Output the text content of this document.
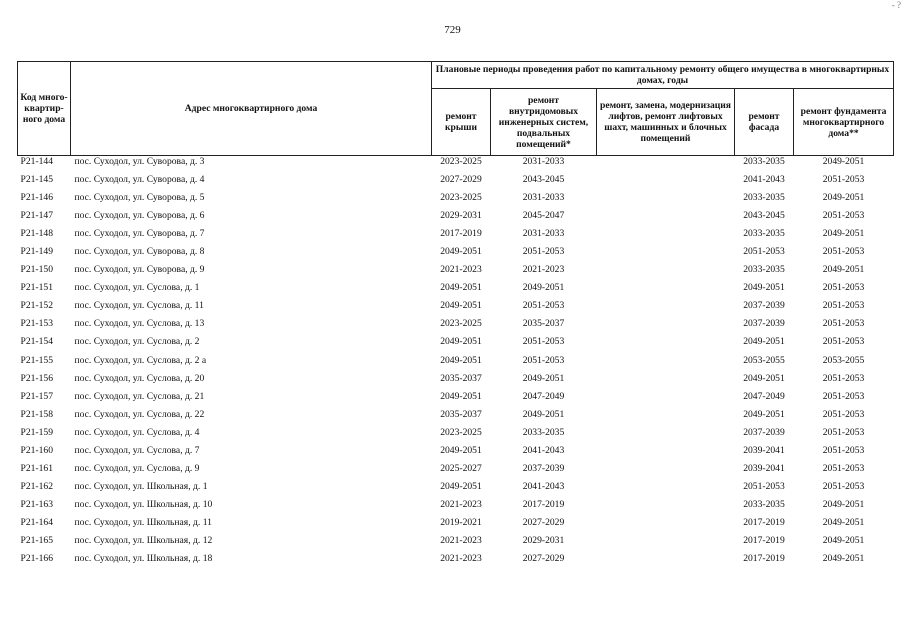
- ?
729
Код много-квартир-ного дома	Адрес многоквартирного дома	Плановые периоды проведения работ по капитальному ремонту общего имущества в многоквартирных домах, годы				
		ремонт крыши	ремонт внутридомовых инженерных систем, подвальных помещений*	ремонт, замена, модернизация лифтов, ремонт лифтовых шахт, машинных и блочных помещений	ремонт фасада	ремонт фундамента многоквартирного дома**
Р21-144	пос. Суходол, ул. Суворова, д. 3	2023-2025	2031-2033		2033-2035	2049-2051
Р21-145	пос. Суходол, ул. Суворова, д. 4	2027-2029	2043-2045		2041-2043	2051-2053
Р21-146	пос. Суходол, ул. Суворова, д. 5	2023-2025	2031-2033		2033-2035	2049-2051
Р21-147	пос. Суходол, ул. Суворова, д. 6	2029-2031	2045-2047		2043-2045	2051-2053
Р21-148	пос. Суходол, ул. Суворова, д. 7	2017-2019	2031-2033		2033-2035	2049-2051
Р21-149	пос. Суходол, ул. Суворова, д. 8	2049-2051	2051-2053		2051-2053	2051-2053
Р21-150	пос. Суходол, ул. Суворова, д. 9	2021-2023	2021-2023		2033-2035	2049-2051
Р21-151	пос. Суходол, ул. Суслова, д. 1	2049-2051	2049-2051		2049-2051	2051-2053
Р21-152	пос. Суходол, ул. Суслова, д. 11	2049-2051	2051-2053		2037-2039	2051-2053
Р21-153	пос. Суходол, ул. Суслова, д. 13	2023-2025	2035-2037		2037-2039	2051-2053
Р21-154	пос. Суходол, ул. Суслова, д. 2	2049-2051	2051-2053		2049-2051	2051-2053
Р21-155	пос. Суходол, ул. Суслова, д. 2 а	2049-2051	2051-2053		2053-2055	2053-2055
Р21-156	пос. Суходол, ул. Суслова, д. 20	2035-2037	2049-2051		2049-2051	2051-2053
Р21-157	пос. Суходол, ул. Суслова, д. 21	2049-2051	2047-2049		2047-2049	2051-2053
Р21-158	пос. Суходол, ул. Суслова, д. 22	2035-2037	2049-2051		2049-2051	2051-2053
Р21-159	пос. Суходол, ул. Суслова, д. 4	2023-2025	2033-2035		2037-2039	2051-2053
Р21-160	пос. Суходол, ул. Суслова, д. 7	2049-2051	2041-2043		2039-2041	2051-2053
Р21-161	пос. Суходол, ул. Суслова, д. 9	2025-2027	2037-2039		2039-2041	2051-2053
Р21-162	пос. Суходол, ул. Школьная, д. 1	2049-2051	2041-2043		2051-2053	2051-2053
Р21-163	пос. Суходол, ул. Школьная, д. 10	2021-2023	2017-2019		2033-2035	2049-2051
Р21-164	пос. Суходол, ул. Школьная, д. 11	2019-2021	2027-2029		2017-2019	2049-2051
Р21-165	пос. Суходол, ул. Школьная, д. 12	2021-2023	2029-2031		2017-2019	2049-2051
Р21-166	пос. Суходол, ул. Школьная, д. 18	2021-2023	2027-2029		2017-2019	2049-2051
